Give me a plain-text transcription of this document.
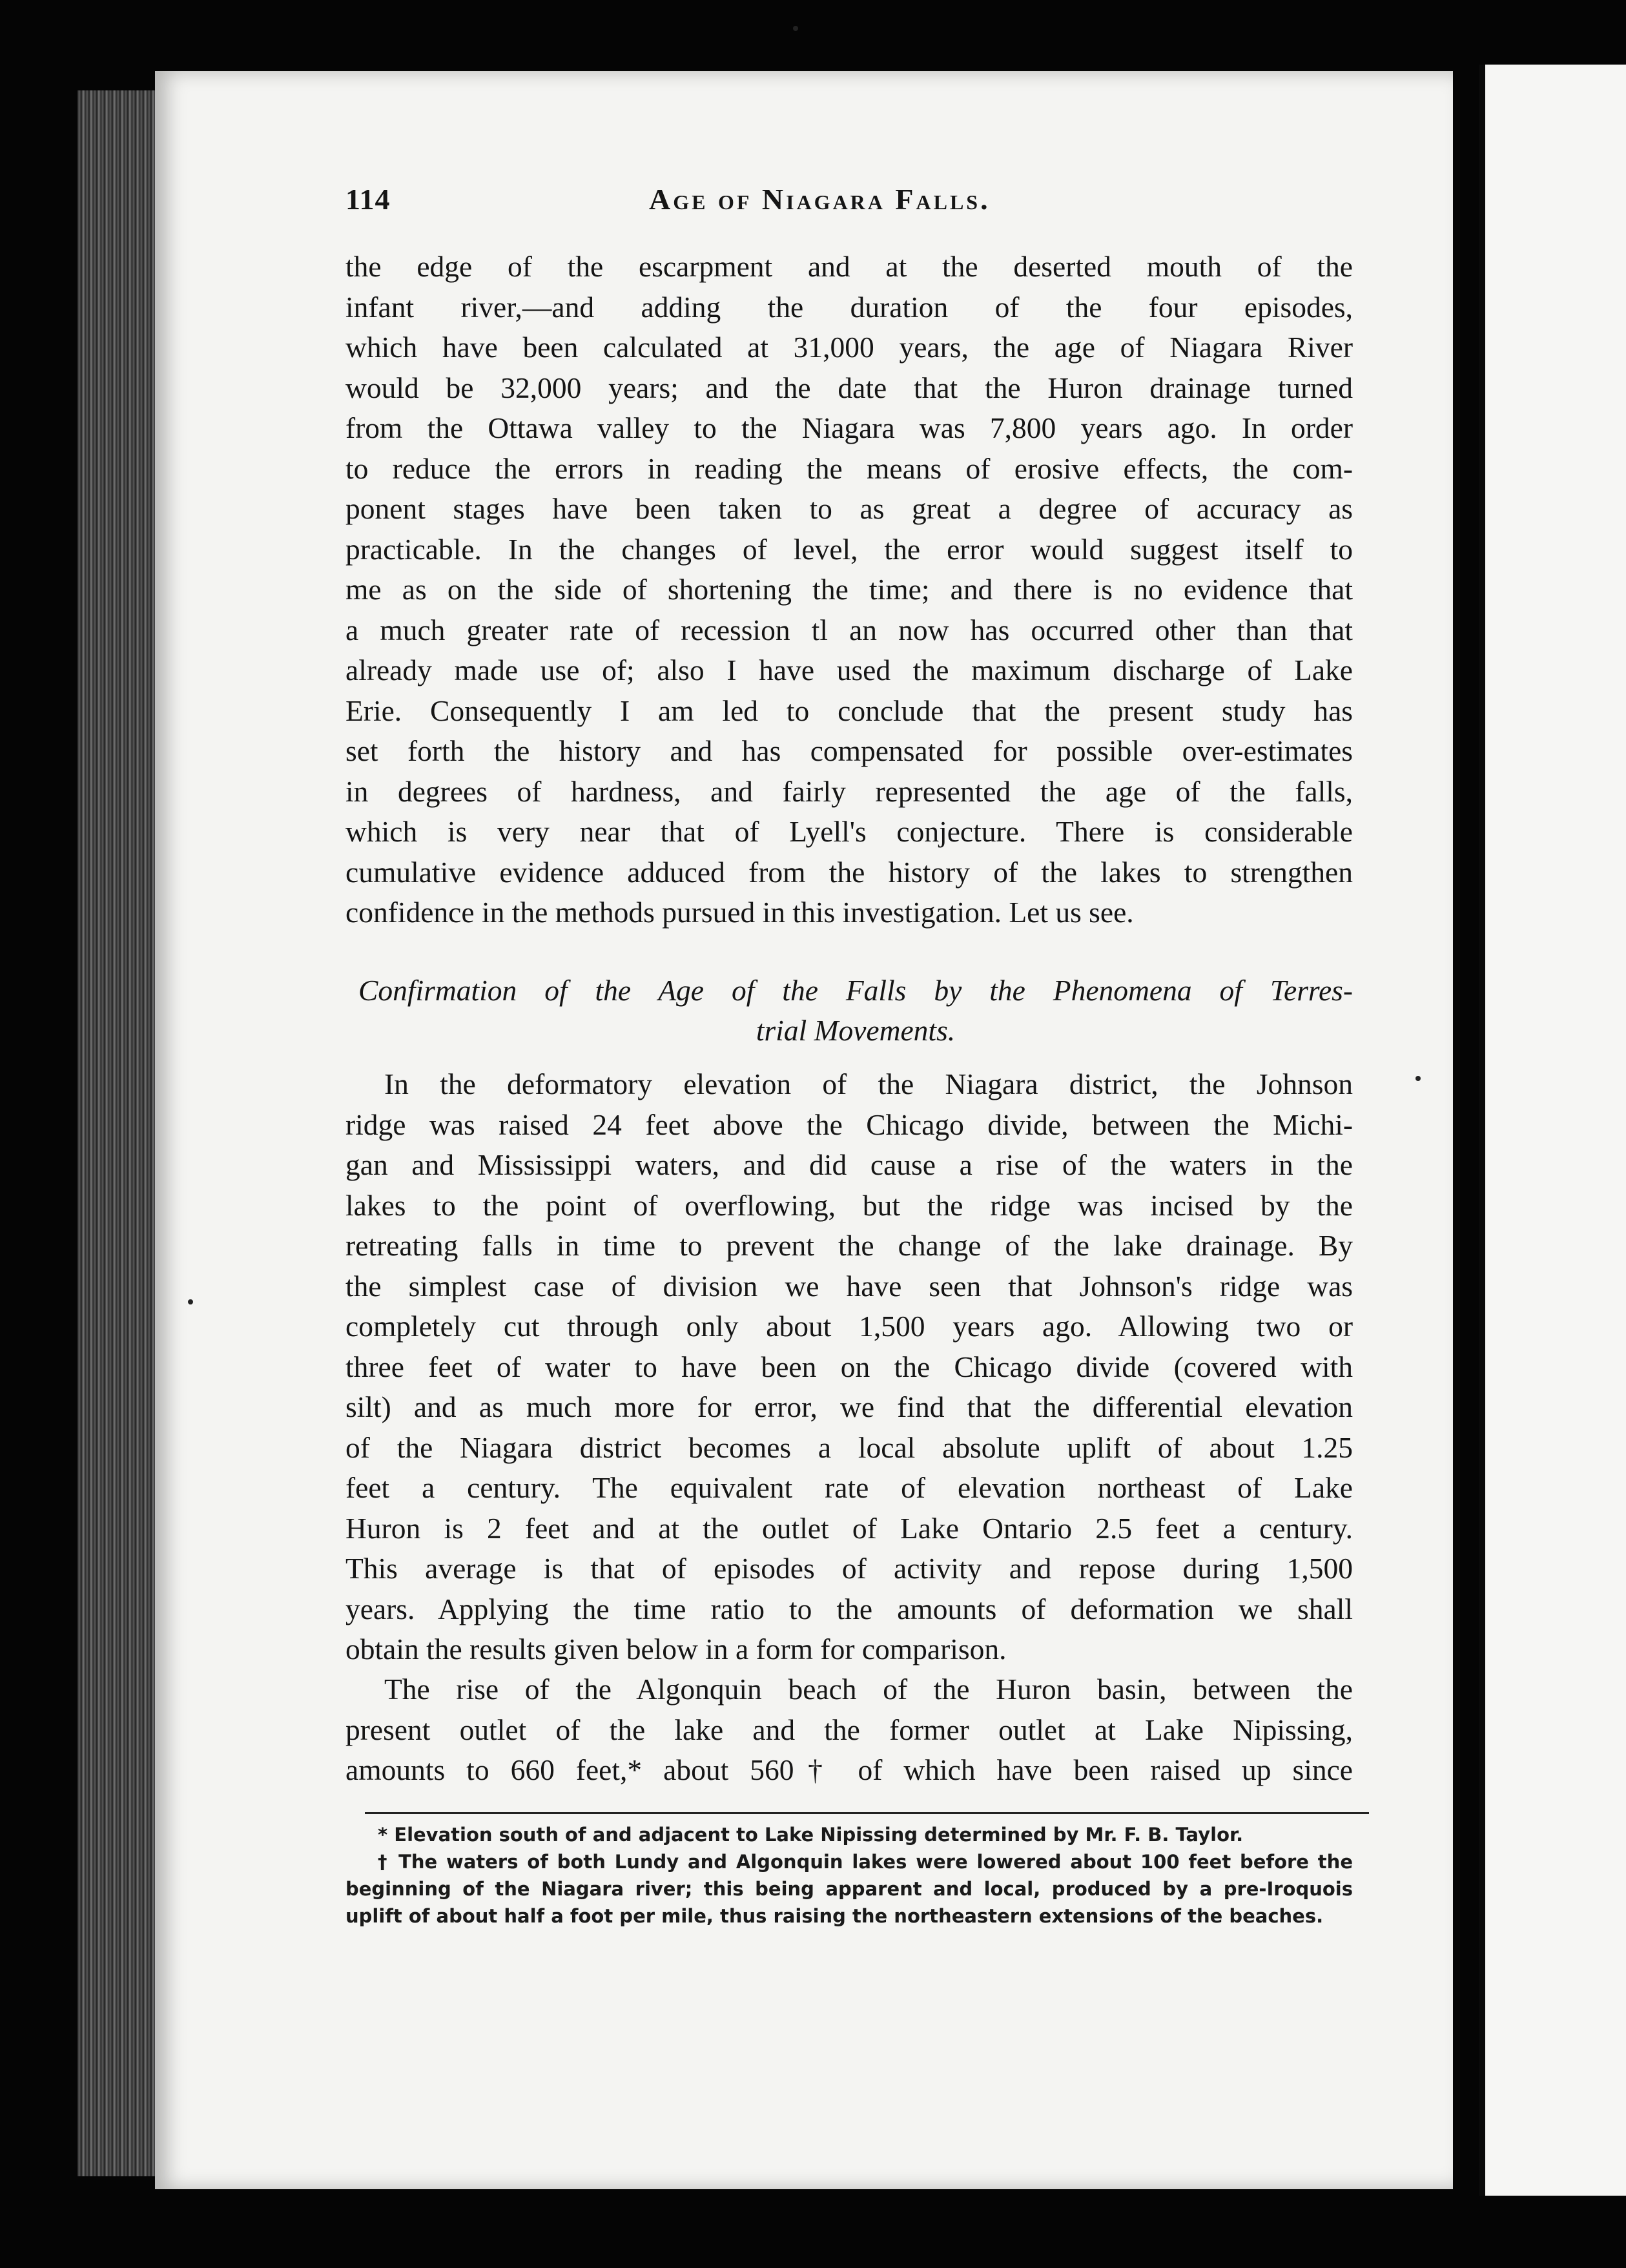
114	Age of Niagara Falls.
the edge of the escarpment and at the deserted mouth of the
infant river,—and adding the duration of the four episodes,
which have been calculated at 31,000 years, the age of Niagara River
would be 32,000 years; and the date that the Huron drainage turned
from the Ottawa valley to the Niagara was 7,800 years ago. In order
to reduce the errors in reading the means of erosive effects, the com-
ponent stages have been taken to as great a degree of accuracy as
practicable. In the changes of level, the error would suggest itself to
me as on the side of shortening the time; and there is no evidence that
a much greater rate of recession tl an now has occurred other than that
already made use of; also I have used the maximum discharge of Lake
Erie. Consequently I am led to conclude that the present study has
set forth the history and has compensated for possible over-estimates
in degrees of hardness, and fairly represented the age of the falls,
which is very near that of Lyell's conjecture. There is considerable
cumulative evidence adduced from the history of the lakes to strengthen
confidence in the methods pursued in this investigation. Let us see.
Confirmation of the Age of the Falls by the Phenomena of Terres-
trial Movements.
In the deformatory elevation of the Niagara district, the Johnson
ridge was raised 24 feet above the Chicago divide, between the Michi-
gan and Mississippi waters, and did cause a rise of the waters in the
lakes to the point of overflowing, but the ridge was incised by the
retreating falls in time to prevent the change of the lake drainage. By
the simplest case of division we have seen that Johnson's ridge was
completely cut through only about 1,500 years ago. Allowing two or
three feet of water to have been on the Chicago divide (covered with
silt) and as much more for error, we find that the differential elevation
of the Niagara district becomes a local absolute uplift of about 1.25
feet a century. The equivalent rate of elevation northeast of Lake
Huron is 2 feet and at the outlet of Lake Ontario 2.5 feet a century.
This average is that of episodes of activity and repose during 1,500
years. Applying the time ratio to the amounts of deformation we shall
obtain the results given below in a form for comparison.
The rise of the Algonquin beach of the Huron basin, between the
present outlet of the lake and the former outlet at Lake Nipissing,
amounts to 660 feet,* about 560† of which have been raised up since
* Elevation south of and adjacent to Lake Nipissing determined by Mr. F. B. Taylor.
† The waters of both Lundy and Algonquin lakes were lowered about 100 feet before the
beginning of the Niagara river; this being apparent and local, produced by a pre-Iroquois
uplift of about half a foot per mile, thus raising the northeastern extensions of the beaches.
